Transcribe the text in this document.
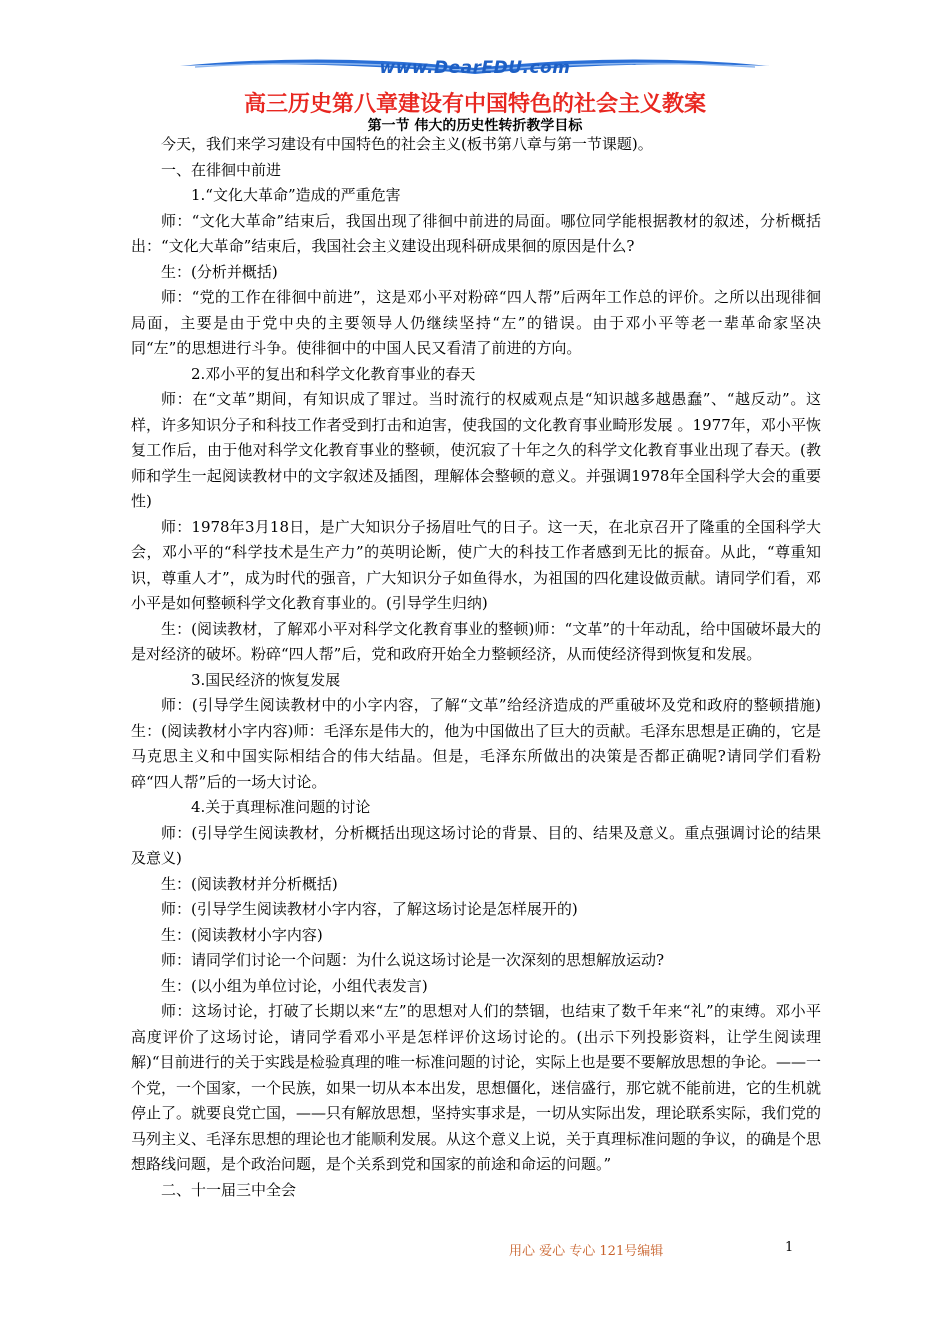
www.DearEDU.com
高三历史第八章建设有中国特色的社会主义教案
第一节 伟大的历史性转折教学目标

今天，我们来学习建设有中国特色的社会主义(板书第八章与第一节课题)。

一、在徘徊中前进

1.“文化大革命”造成的严重危害

师：“文化大革命”结束后，我国出现了徘徊中前进的局面。哪位同学能根据教材的叙述，分析概括出：“文化大革命”结束后，我国社会主义建设出现科研成果徊的原因是什么?

生：(分析并概括)

师：“党的工作在徘徊中前进”，这是邓小平对粉碎“四人帮”后两年工作总的评价。之所以出现徘徊局面，主要是由于党中央的主要领导人仍继续坚持“左”的错误。由于邓小平等老一辈革命家坚决同“左”的思想进行斗争。使徘徊中的中国人民又看清了前进的方向。

2.邓小平的复出和科学文化教育事业的春天

师：在“文革”期间，有知识成了罪过。当时流行的权威观点是“知识越多越愚蠢”、“越反动”。这样，许多知识分子和科技工作者受到打击和迫害，使我国的文化教育事业畸形发展 。1977年，邓小平恢复工作后，由于他对科学文化教育事业的整顿，使沉寂了十年之久的科学文化教育事业出现了春天。(教师和学生一起阅读教材中的文字叙述及插图，理解体会整顿的意义。并强调1978年全国科学大会的重要性)

师：1978年3月18日，是广大知识分子扬眉吐气的日子。这一天，在北京召开了隆重的全国科学大会，邓小平的“科学技术是生产力”的英明论断，使广大的科技工作者感到无比的振奋。从此，“尊重知识，尊重人才”，成为时代的强音，广大知识分子如鱼得水，为祖国的四化建设做贡献。请同学们看，邓小平是如何整顿科学文化教育事业的。(引导学生归纳)

生：(阅读教材，了解邓小平对科学文化教育事业的整顿)师：“文革”的十年动乱，给中国破坏最大的是对经济的破坏。粉碎“四人帮”后，党和政府开始全力整顿经济，从而使经济得到恢复和发展。

3.国民经济的恢复发展

师：(引导学生阅读教材中的小字内容，了解“文革”给经济造成的严重破坏及党和政府的整顿措施)生：(阅读教材小字内容)师：毛泽东是伟大的，他为中国做出了巨大的贡献。毛泽东思想是正确的，它是马克思主义和中国实际相结合的伟大结晶。但是，毛泽东所做出的决策是否都正确呢?请同学们看粉碎“四人帮”后的一场大讨论。

4.关于真理标准问题的讨论

师：(引导学生阅读教材，分析概括出现这场讨论的背景、目的、结果及意义。重点强调讨论的结果及意义)

生：(阅读教材并分析概括)

师：(引导学生阅读教材小字内容，了解这场讨论是怎样展开的)

生：(阅读教材小字内容)

师：请同学们讨论一个问题：为什么说这场讨论是一次深刻的思想解放运动?

生：(以小组为单位讨论，小组代表发言)

师：这场讨论，打破了长期以来“左”的思想对人们的禁锢，也结束了数千年来“礼”的束缚。邓小平高度评价了这场讨论，请同学看邓小平是怎样评价这场讨论的。(出示下列投影资料，让学生阅读理解)“目前进行的关于实践是检验真理的唯一标准问题的讨论，实际上也是要不要解放思想的争论。——一个党，一个国家，一个民族，如果一切从本本出发，思想僵化，迷信盛行，那它就不能前进，它的生机就停止了。就要良党亡国，——只有解放思想，坚持实事求是，一切从实际出发，理论联系实际，我们党的马列主义、毛泽东思想的理论也才能顺利发展。从这个意义上说，关于真理标准问题的争议，的确是个思想路线问题，是个政治问题，是个关系到党和国家的前途和命运的问题。”

二、十一届三中全会

用心 爱心 专心 121号编辑	1
